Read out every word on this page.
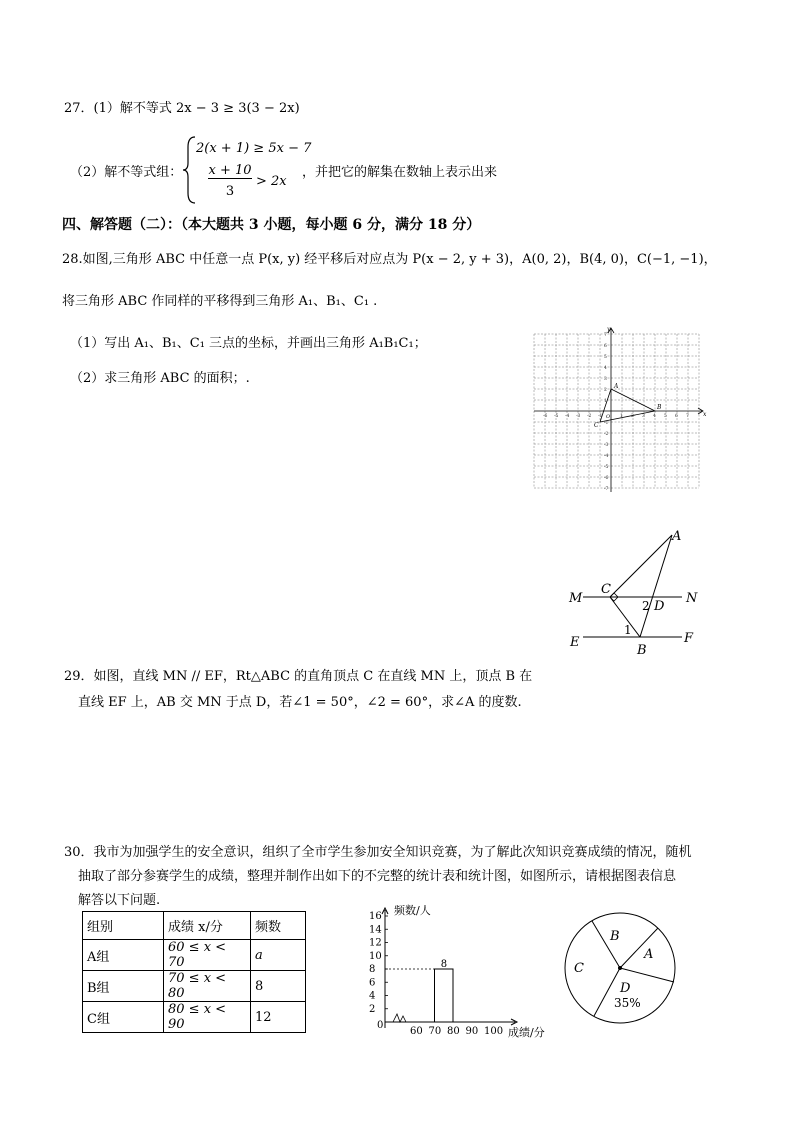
27．(1）解不等式 2x − 3 ≥ 3(3 − 2x)
（2）解不等式组：
2(x + 1) ≥ 5x − 7
x + 10
3
> 2x
，并把它的解集在数轴上表示出来
四、解答题（二）：（本大题共 3 小题，每小题 6 分，满分 18 分）
28.如图,三角形 ABC 中任意一点 P(x, y) 经平移后对应点为 P(x − 2, y + 3)，A(0, 2)，B(4, 0)，C(−1, −1)，
将三角形 ABC 作同样的平移得到三角形 A₁、B₁、C₁ .
（1）写出 A₁、B₁、C₁ 三点的坐标，并画出三角形 A₁B₁C₁；
（2）求三角形 ABC 的面积；.
x
y
O
-6 -5 -4 -3 -2 -1	1 2 3 4 5 6 7
7
6
5
4
3
2
1
-1
-2
-3
-4
-5
-6
-7
A
B
C
A
M	N
C
2 D
E	F
1
B
29．如图，直线 MN // EF，Rt△ABC 的直角顶点 C 在直线 MN 上，顶点 B 在
直线 EF 上，AB 交 MN 于点 D，若∠1 = 50°，∠2 = 60°，求∠A 的度数.
30．我市为加强学生的安全意识，组织了全市学生参加安全知识竞赛，为了解此次知识竞赛成绩的情况，随机
抽取了部分参赛学生的成绩，整理并制作出如下的不完整的统计表和统计图，如图所示，请根据图表信息
解答以下问题.
组别	成绩 x/分	频数
A组	60 ≤ x < 70	a
B组	70 ≤ x < 80	8
C组	80 ≤ x < 90	12
16
14
12
10
8
6
4
2
0
60 70 80 90 100
8
频数/人
成绩/分
B
A
C
D
35%
